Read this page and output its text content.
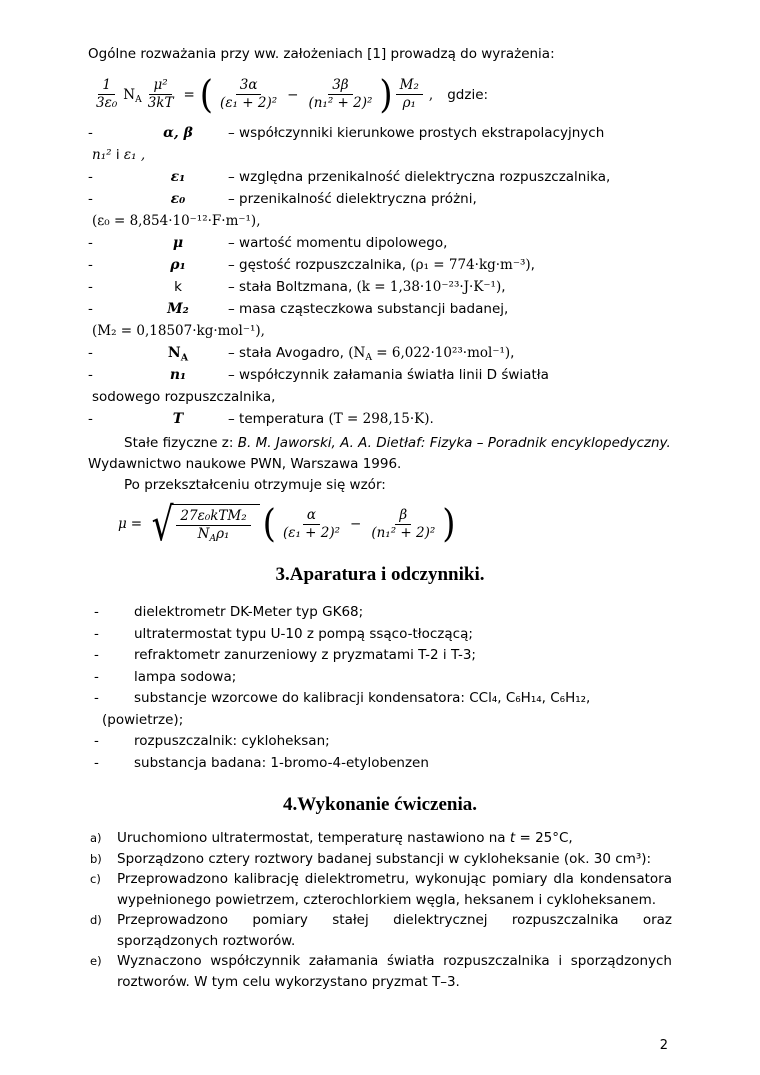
Ogólne rozważania przy ww. założeniach [1] prowadzą do wyrażenia:

$\frac{1}{\text{3ε₀}} N_A \frac{\text{μ²}}{3kT}$ = ( $\frac{3\alpha}{\text{(ε₁ + 2)²}} - \frac{3\beta}{\text{(n₁² + 2)²}}$ ) $\frac{\text{M₂}}{\text{ρ₁}}$ , gdzie:
-	α, β	– współczynniki kierunkowe prostych ekstrapolacyjnych
n₁² i ε₁ ,
-	ε₁	– względna przenikalność dielektryczna rozpuszczalnika,
-	ε₀	– przenikalność dielektryczna próżni,
(ε₀ = 8,854·10⁻¹²·F·m⁻¹),
-	μ	– wartość momentu dipolowego,
-	ρ₁	– gęstość rozpuszczalnika, (ρ₁ = 774·kg·m⁻³),
-	k	– stała Boltzmana, (k = 1,38·10⁻²³·J·K⁻¹),
-	M₂	– masa cząsteczkowa substancji badanej,
(M₂ = 0,18507·kg·mol⁻¹),
-	$N_A$	– stała Avogadro, $(N_A = 6,022\cdot 10^{23}\cdot mol^{-1})$,
-	n₁	– współczynnik załamania światła linii D światła
sodowego rozpuszczalnika,
-	T	– temperatura (T = 298,15·K).

Stałe fizyczne z: B. M. Jaworski, A. A. Dietłaf: Fizyka – Poradnik encyklopedyczny. Wydawnictwo naukowe PWN, Warszawa 1996.

Po przekształceniu otrzymuje się wzór:

μ = √ $\frac{\text{27ε₀kTM₂}}{N_A\rho_1}$ ( $\frac{\alpha}{\text{(ε₁ + 2)²}} - \frac{\beta}{\text{(n₁² + 2)²}}$ )
3.Aparatura i odczynniki.
-	dielektrometr DK-Meter typ GK68;
-	ultratermostat typu U-10 z pompą ssąco-tłoczącą;
-	refraktometr zanurzeniowy z pryzmatami T-2 i T-3;
-	lampa sodowa;
-	substancje wzorcowe do kalibracji kondensatora: CCl₄, C₆H₁₄, C₆H₁₂,
(powietrze);
-	rozpuszczalnik: cykloheksan;
-	substancja badana: 1-bromo-4-etylobenzen
4.Wykonanie ćwiczenia.
a)	Uruchomiono ultratermostat, temperaturę nastawiono na t = 25°C,
b)	Sporządzono cztery roztwory badanej substancji w cykloheksanie (ok. 30 cm³):
c)	Przeprowadzono kalibrację dielektrometru, wykonując pomiary dla kondensatora wypełnionego powietrzem, czterochlorkiem węgla, heksanem i cykloheksanem.
d)	Przeprowadzono pomiary stałej dielektrycznej rozpuszczalnika oraz sporządzonych roztworów.
e)	Wyznaczono współczynnik załamania światła rozpuszczalnika i sporządzonych roztworów. W tym celu wykorzystano pryzmat T–3.
2
